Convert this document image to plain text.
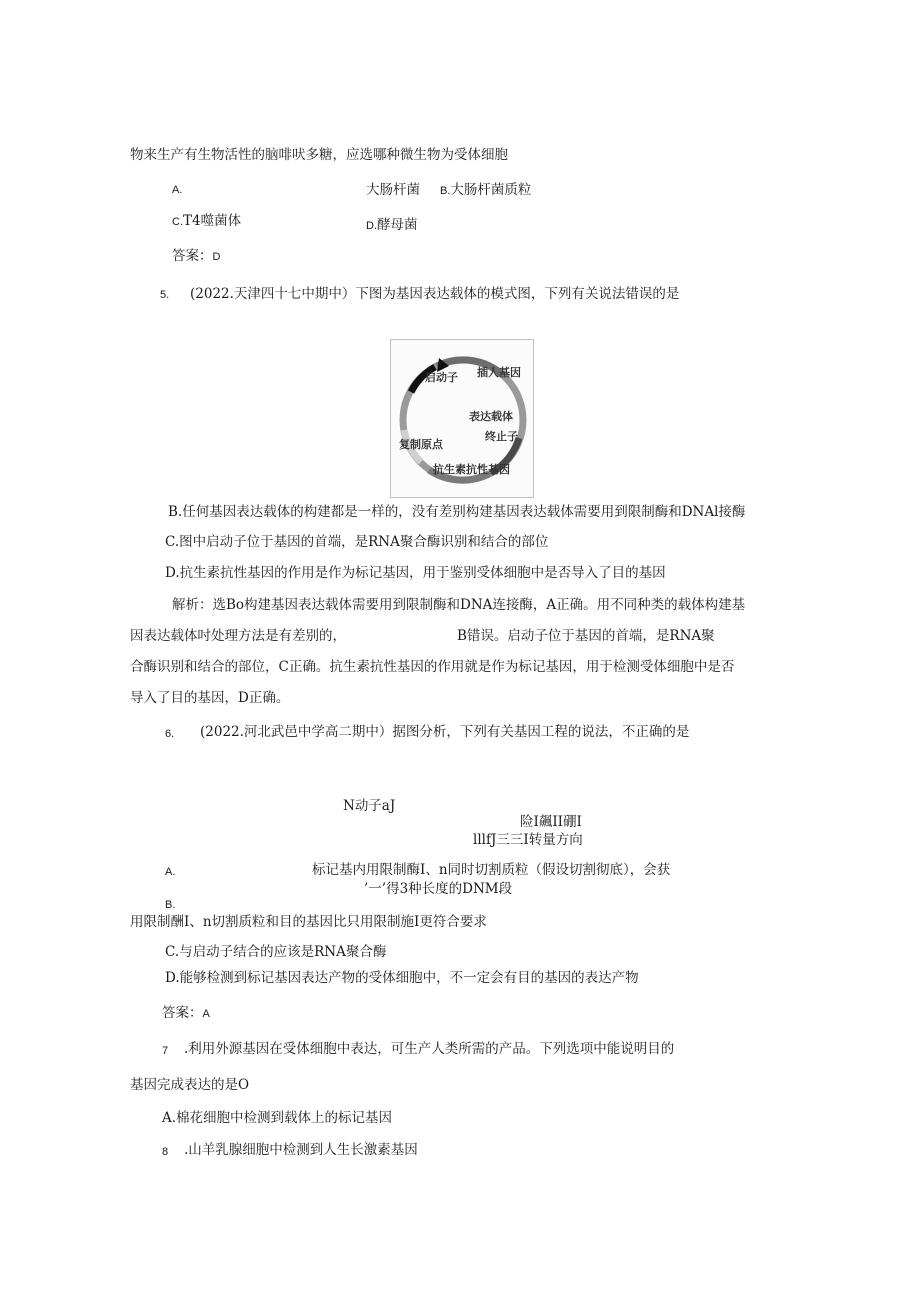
物来生产有生物活性的脑啡吠多糖，应选哪种微生物为受体细胞
A.	大肠杆菌 B.大肠杆菌质粒
C.T4噬菌体	D.酵母菌
答案：D
5. (2022.天津四十七中期中）下图为基因表达载体的模式图，下列有关说法错误的是
启动子 插人基因
表达载体
终止子
复制原点
抗生素抗性基因
B.任何基因表达载体的构建都是一样的，没有差别构建基因表达载体需要用到限制酶和DNAl接酶
C.图中启动子位于基因的首端，是RNA聚合酶识别和结合的部位
D.抗生素抗性基因的作用是作为标记基因，用于鉴别受体细胞中是否导入了目的基因
解析：选Bo构建基因表达载体需要用到限制酶和DNA连接酶，A正确。用不同种类的载体构建基
因表达载体吋处理方法是有差别的，	B错误。启动子位于基因的首端，是RNA聚
合酶识别和结合的部位，C正确。抗生素抗性基因的作用就是作为标记基因，用于检测受体细胞中是否
导入了目的基因，D正确。
6. (2022.河北武邑中学高二期中）据图分析，下列有关基因工程的说法，不正确的是
N动子aJ
险I飆II硼I
lllfJ三三I转量方向
A.	标记基内用限制酶I、n同时切割质粒（假设切割彻底），会获
’一’得3种长度的DNM段
B.
用限制酬I、n切割质粒和目的基因比只用限制施I更符合要求
C.与启动子结合的应该是RNA聚合酶
D.能够检测到标记基因表达产物的受体细胞中，不一定会有目的基因的表达产物
答案：A
7 .利用外源基因在受体细胞中表达，可生产人类所需的产品。下列选项中能说明目的
基因完成表达的是O
A.棉花细胞中检测到载体上的标记基因
8 .山羊乳腺细胞中检测到人生长激素基因
